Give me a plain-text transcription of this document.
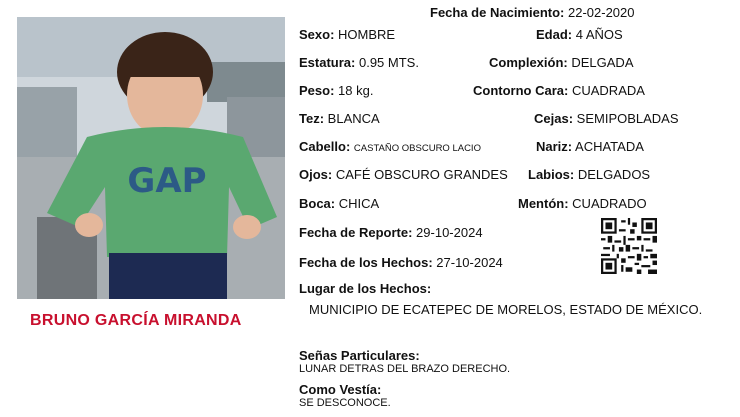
GAP
BRUNO GARCÍA MIRANDA
Fecha de Nacimiento: 22-02-2020
Sexo: HOMBRE	Edad: 4 AÑOS
Estatura: 0.95 MTS.	Complexión: DELGADA
Peso: 18 kg.	Contorno Cara: CUADRADA
Tez: BLANCA	Cejas: SEMIPOBLADAS
Cabello: CASTAÑO OBSCURO LACIO	Nariz: ACHATADA
Ojos: CAFÉ OBSCURO GRANDES Labios: DELGADOS
Boca: CHICA	Mentón: CUADRADO
Fecha de Reporte: 29-10-2024
Fecha de los Hechos: 27-10-2024
Lugar de los Hechos:
MUNICIPIO DE ECATEPEC DE MORELOS, ESTADO DE MÉXICO.
Señas Particulares:
LUNAR DETRAS DEL BRAZO DERECHO.
Como Vestía:
SE DESCONOCE.
